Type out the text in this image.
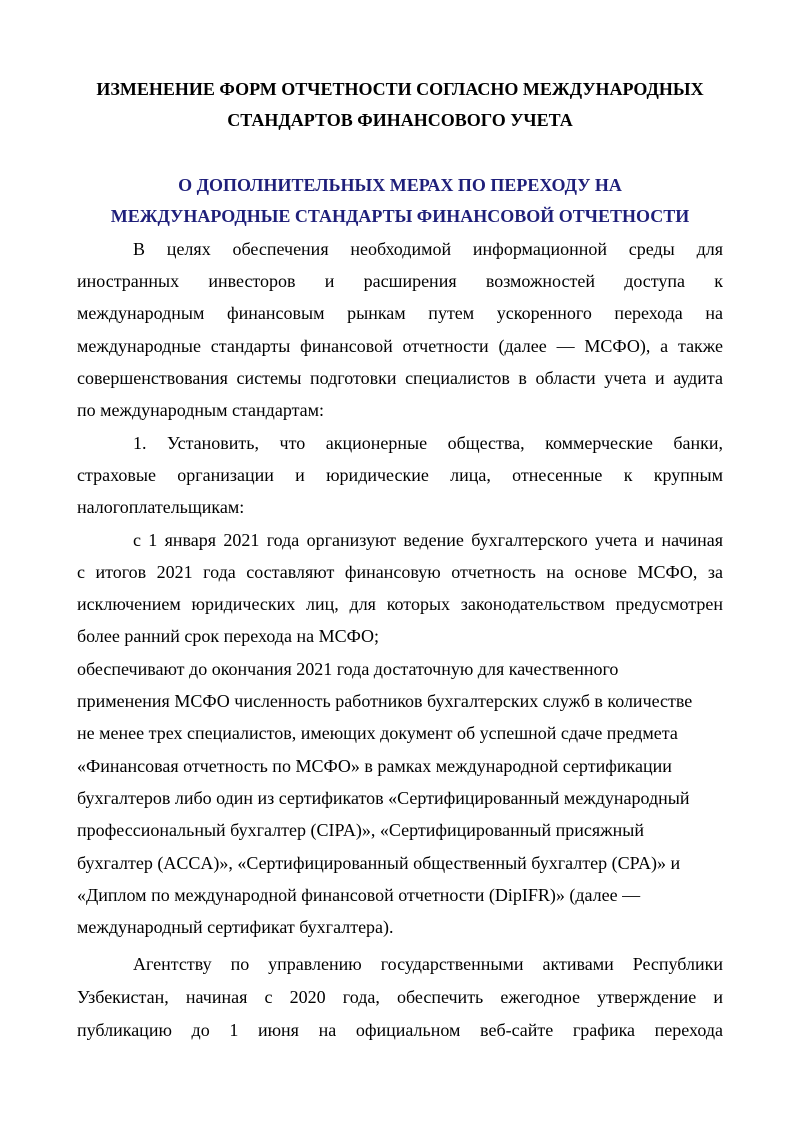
ИЗМЕНЕНИЕ ФОРМ ОТЧЕТНОСТИ СОГЛАСНО МЕЖДУНАРОДНЫХ
СТАНДАРТОВ ФИНАНСОВОГО УЧЕТА
О ДОПОЛНИТЕЛЬНЫХ МЕРАХ ПО ПЕРЕХОДУ НА
МЕЖДУНАРОДНЫЕ СТАНДАРТЫ ФИНАНСОВОЙ ОТЧЕТНОСТИ

В целях обеспечения необходимой информационной среды для

иностранных инвесторов и расширения возможностей доступа к

международным финансовым рынкам путем ускоренного перехода на

международные стандарты финансовой отчетности (далее — МСФО), а также

совершенствования системы подготовки специалистов в области учета и аудита

по международным стандартам:

1. Установить, что акционерные общества, коммерческие банки,

страховые организации и юридические лица, отнесенные к крупным

налогоплательщикам:

с 1 января 2021 года организуют ведение бухгалтерского учета и начиная

с итогов 2021 года составляют финансовую отчетность на основе МСФО, за

исключением юридических лиц, для которых законодательством предусмотрен

более ранний срок перехода на МСФО;

обеспечивают до окончания 2021 года достаточную для качественного

применения МСФО численность работников бухгалтерских служб в количестве

не менее трех специалистов, имеющих документ об успешной сдаче предмета

«Финансовая отчетность по МСФО» в рамках международной сертификации

бухгалтеров либо один из сертификатов «Сертифицированный международный

профессиональный бухгалтер (CIPA)», «Сертифицированный присяжный

бухгалтер (ACCA)», «Сертифицированный общественный бухгалтер (CPA)» и

«Диплом по международной финансовой отчетности (DipIFR)» (далее —

международный сертификат бухгалтера).

Агентству по управлению государственными активами Республики

Узбекистан, начиная с 2020 года, обеспечить ежегодное утверждение и

публикацию до 1 июня на официальном веб-сайте графика перехода
